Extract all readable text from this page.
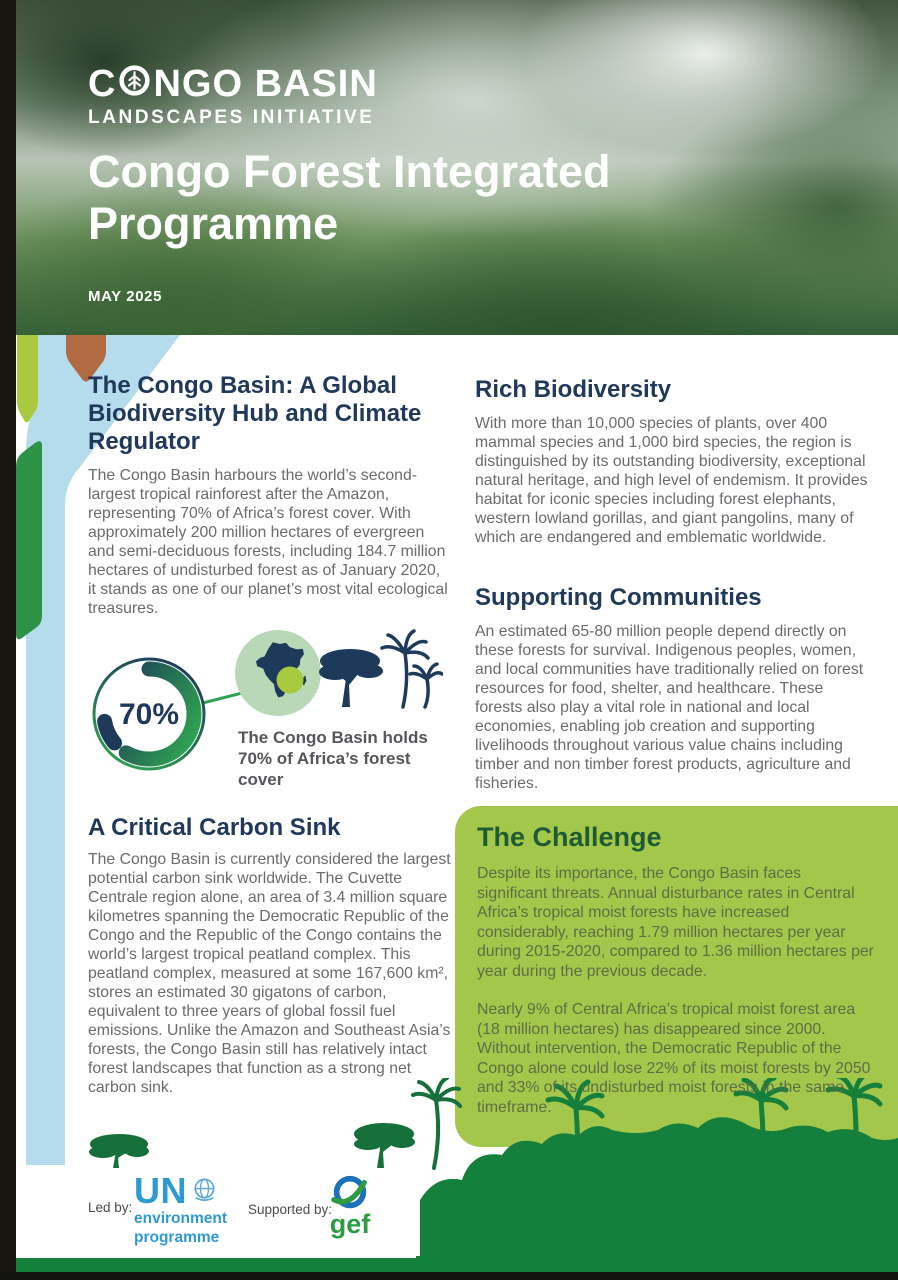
C NGO BASIN
LANDSCAPES INITIATIVE
Congo Forest Integrated Programme
MAY 2025
The Congo Basin: A Global Biodiversity Hub and Climate Regulator
The Congo Basin harbours the world’s second-largest tropical rainforest after the Amazon, representing 70% of Africa’s forest cover. With approximately 200 million hectares of evergreen and semi-deciduous forests, including 184.7 million hectares of undisturbed forest as of January 2020, it stands as one of our planet’s most vital ecological treasures.
70%
The Congo Basin holds 70% of Africa’s forest cover
A Critical Carbon Sink
The Congo Basin is currently considered the largest potential carbon sink worldwide. The Cuvette Centrale region alone, an area of 3.4 million square kilometres spanning the Democratic Republic of the Congo and the Republic of the Congo contains the world’s largest tropical peatland complex. This peatland complex, measured at some 167,600 km², stores an estimated 30 gigatons of carbon, equivalent to three years of global fossil fuel emissions. Unlike the Amazon and Southeast Asia’s forests, the Congo Basin still has relatively intact forest landscapes that function as a strong net carbon sink.
Rich Biodiversity
With more than 10,000 species of plants, over 400 mammal species and 1,000 bird species, the region is distinguished by its outstanding biodiversity, exceptional natural heritage, and high level of endemism. It provides habitat for iconic species including forest elephants, western lowland gorillas, and giant pangolins, many of which are endangered and emblematic worldwide.
Supporting Communities
An estimated 65-80 million people depend directly on these forests for survival. Indigenous peoples, women, and local communities have traditionally relied on forest resources for food, shelter, and healthcare. These forests also play a vital role in national and local economies, enabling job creation and supporting livelihoods throughout various value chains including timber and non timber forest products, agriculture and fisheries.
The Challenge
Despite its importance, the Congo Basin faces significant threats. Annual disturbance rates in Central Africa’s tropical moist forests have increased considerably, reaching 1.79 million hectares per year during 2015-2020, compared to 1.36 million hectares per year during the previous decade.
Nearly 9% of Central Africa’s tropical moist forest area (18 million hectares) has disappeared since 2000. Without intervention, the Democratic Republic of the Congo alone could lose 22% of its moist forests by 2050 and 33% of its undisturbed moist forests in the same timeframe.
Led by: UN
environment
programme
Supported by:
gef
